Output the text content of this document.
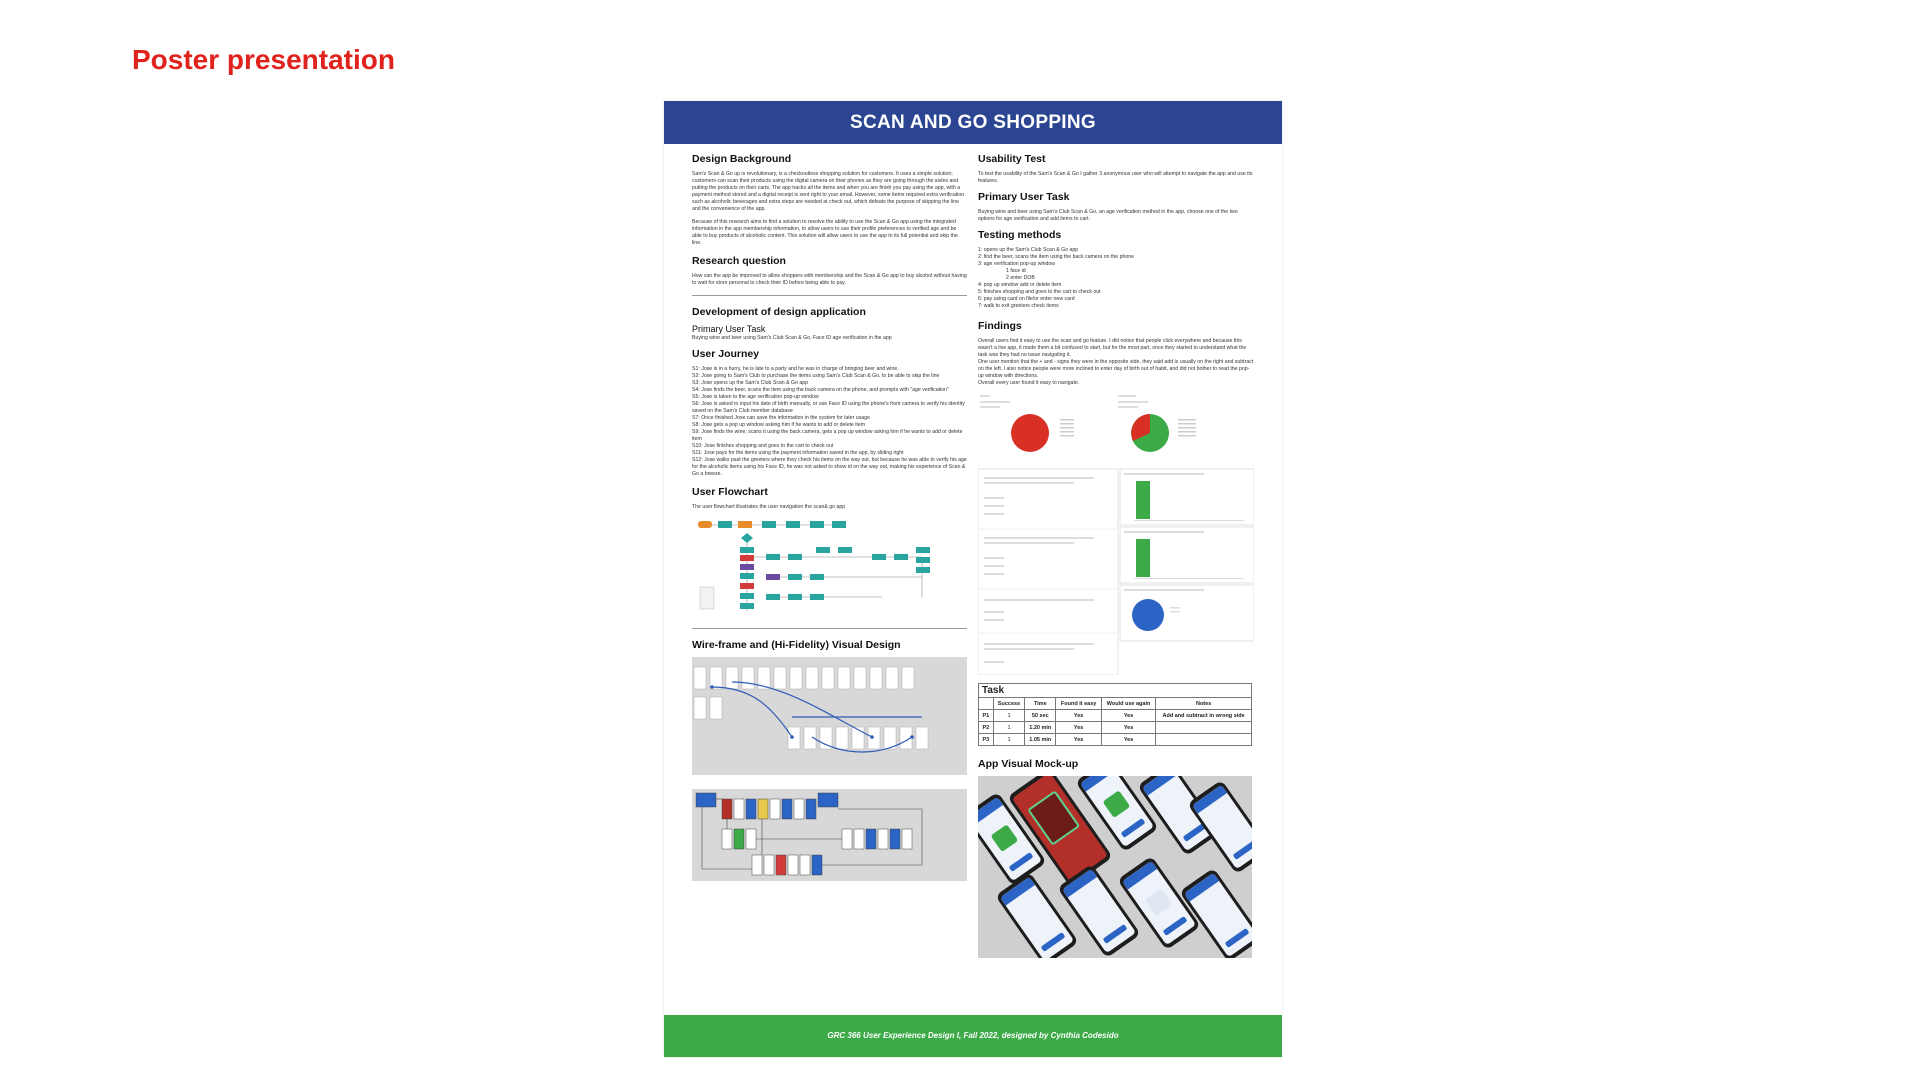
Poster presentation
SCAN AND GO SHOPPING
Design Background

Sam's Scan & Go up is revolutionary, is a checkoutless shopping solution for customers. It uses a simple solution; customers can scan their products using the digital camera on their phones as they are going through the aisles and putting the products on their carts. The app tracks all the items and when you are finish you pay using the app, with a payment method stored and a digital receipt is sent right to your email. However, some items required extra verification such as alcoholic beverages and extra steps are needed at check out, which defeats the purpose of skipping the line and the convenience of the app.

Because of this research aims to find a solution to resolve the ability to use the Scan & Go app using the integrated information in the app membership information, to allow users to use their profile preferences to verified age and be able to buy products of alcoholic content. This solution will allow users to use the app to its full potential and skip the line.

Research question

How can the app be improved to allow shoppers with membership and the Scan & Go app to buy alcohol without having to wait for store personal to check their ID before being able to pay.

Development of design application
Primary User Task

Buying wine and beer using Sam's Club Scan & Go, Face ID age verification in the app

User Journey
S1: Jose is in a hurry, he is late to a party and he was in charge of bringing beer and wine.
S2: Jose going to Sam's Club to purchase the items using Sam's Club Scan & Go, to be able to skip the line
S3: Jose opens up the Sam's Club Scan & Go app
S4: Jose finds the beer, scans the item using the back camera on the phone, and prompts with "age verification"
S5: Jose is taken to the age verification pop-up window
S6: Jose is asked to input his date of birth manually, or use Face ID using the phone's front camera to verify his identity saved on the Sam's Club member database
S7: Once finished Jose can save the information in the system for later usage
S8: Jose gets a pop up window asking him if he wants to add or delete item
S9: Jose finds the wine; scans it using the back camera, gets a pop up window asking him if he wants to add or delete item
S10: Jose finishes shopping and goes to the cart to check out
S11: Jose pays for the items using the payment information saved in the app, by sliding right
S12: Jose walks past the greeters where they check his items on the way out, but because he was able to verify his age for the alcoholic items using his Face ID, he was not asked to show id on the way out, making his experience of Scan & Go a breeze.
User Flowchart

The user flowchart illustrates the user navigation the scan& go app

Wire-frame and (Hi-Fidelity) Visual Design
Usability Test

To test the usability of the Sam's Scan & Go I gather 3 anonymous user who will attempt to navigate the app and use its features.

Primary User Task

Buying wine and beer using Sam's Club Scan & Go, an age verification method in the app, choose one of the two options for age verification and add items to cart.

Testing methods
1: opens up the Sam's Club Scan & Go app
2: find the beer, scans the item using the back camera on the phone
3: age verification pop-up window
1 face id
2 enter DOB
4: pop up window add or delete item
5: finishes shopping and goes to the cart to check out
6: pay using card on file/or enter new card
7: walk to exit greeters check items
Findings
Overall users find it easy to use the scan and go feature. I did notice that people click everywhere and because this wasn't a live app, it made them a bit confused to start, but for the most part, once they started to understand what the task was they had no issue navigating it.
One user mention that the + and - signs they were in the opposite side, they said add is usually on the right and subtract on the left. I also notice people were more inclined to enter day of birth out of habit, and did not bother to read the pop-up window with directions.
Overall every user found it easy to navigate.
Task					
	Success	Time	Found it easy	Would use again	Notes
P1	1	50 sec	Yes	Yes	Add and subtract in wrong side
P2	1	1.20 min	Yes	Yes	
P3	1	1.05 min	Yes	Yes	
App Visual Mock-up
GRC 366 User Experience Design I, Fall 2022, designed by Cynthia Codesido
